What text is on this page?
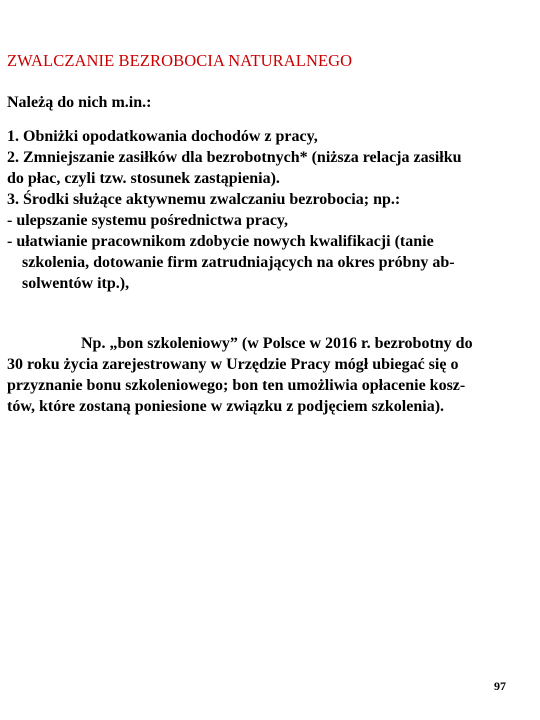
ZWALCZANIE BEZROBOCIA NATURALNEGO
Należą do nich m.in.:
1. Obniżki opodatkowania dochodów z pracy,
2. Zmniejszanie zasiłków dla bezrobotnych* (niższa relacja zasiłku
do płac, czyli tzw. stosunek zastąpienia).
3. Środki służące aktywnemu zwalczaniu bezrobocia; np.:
- ulepszanie systemu pośrednictwa pracy,
- ułatwianie pracownikom zdobycie nowych kwalifikacji (tanie
szkolenia, dotowanie firm zatrudniających na okres próbny ab-
solwentów itp.),
Np. „bon szkoleniowy” (w Polsce w 2016 r. bezrobotny do
30 roku życia zarejestrowany w Urzędzie Pracy mógł ubiegać się o
przyznanie bonu szkoleniowego; bon ten umożliwia opłacenie kosz-
tów, które zostaną poniesione w związku z podjęciem szkolenia).
97
